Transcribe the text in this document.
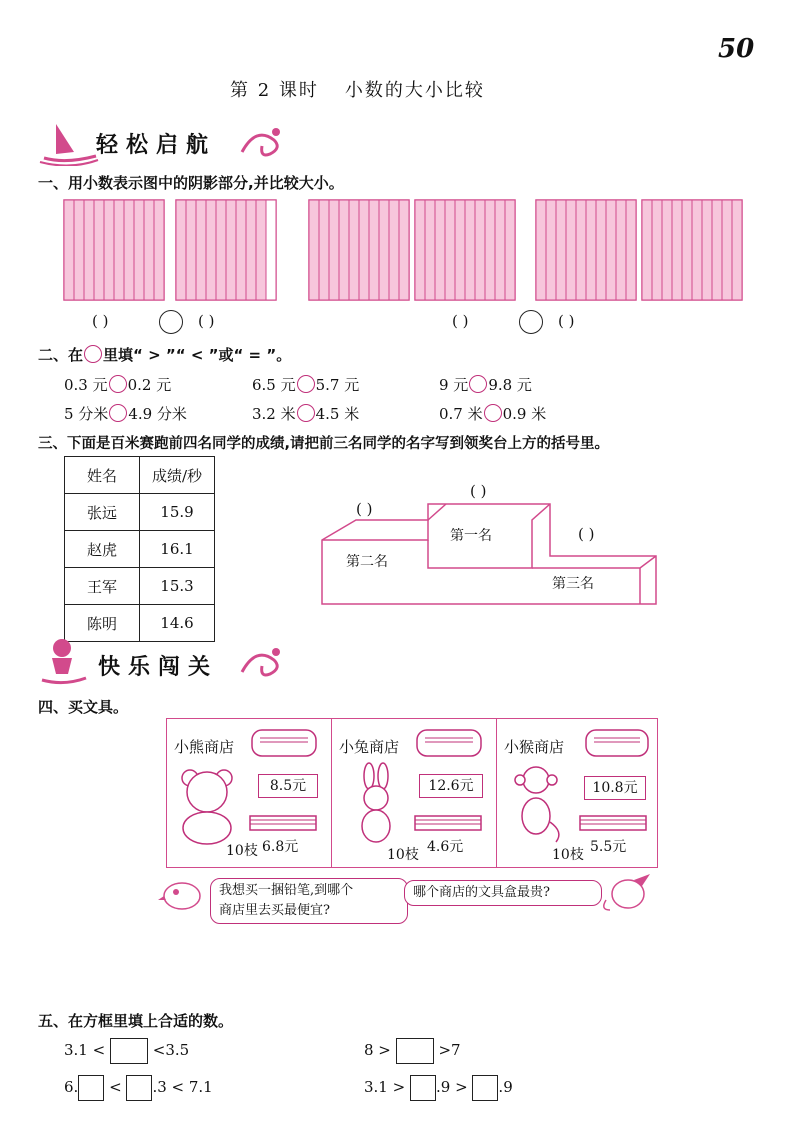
50
第 2 课时 小数的大小比较
轻松启航
一、用小数表示图中的阴影部分,并比较大小。
( )	( )	( )	( )
二、在 里填“ > ”“ < ”或“ = ”。
0.3 元 0.2 元	6.5 元 5.7 元	9 元 9.8 元
5 分米 4.9 分米	3.2 米 4.5 米	0.7 米 0.9 米
三、下面是百米赛跑前四名同学的成绩,请把前三名同学的名字写到领奖台上方的括号里。
姓名	成绩/秒
张远	15.9
赵虎	16.1
王军	15.3
陈明	14.6
第一名
第二名
第三名
( )
( )
( )
快乐闯关
四、买文具。
小熊商店
8.5元
10枝 6.8元
小兔商店
12.6元
10枝 4.6元
小猴商店
10.8元
10枝 5.5元
我想买一捆铅笔,到哪个
商店里去买最便宜?
哪个商店的文具盒最贵?
五、在方框里填上合适的数。
3.1 <	<3.5	8 >	>7
6. < .3 < 7.1	3.1 > .9 > .9
